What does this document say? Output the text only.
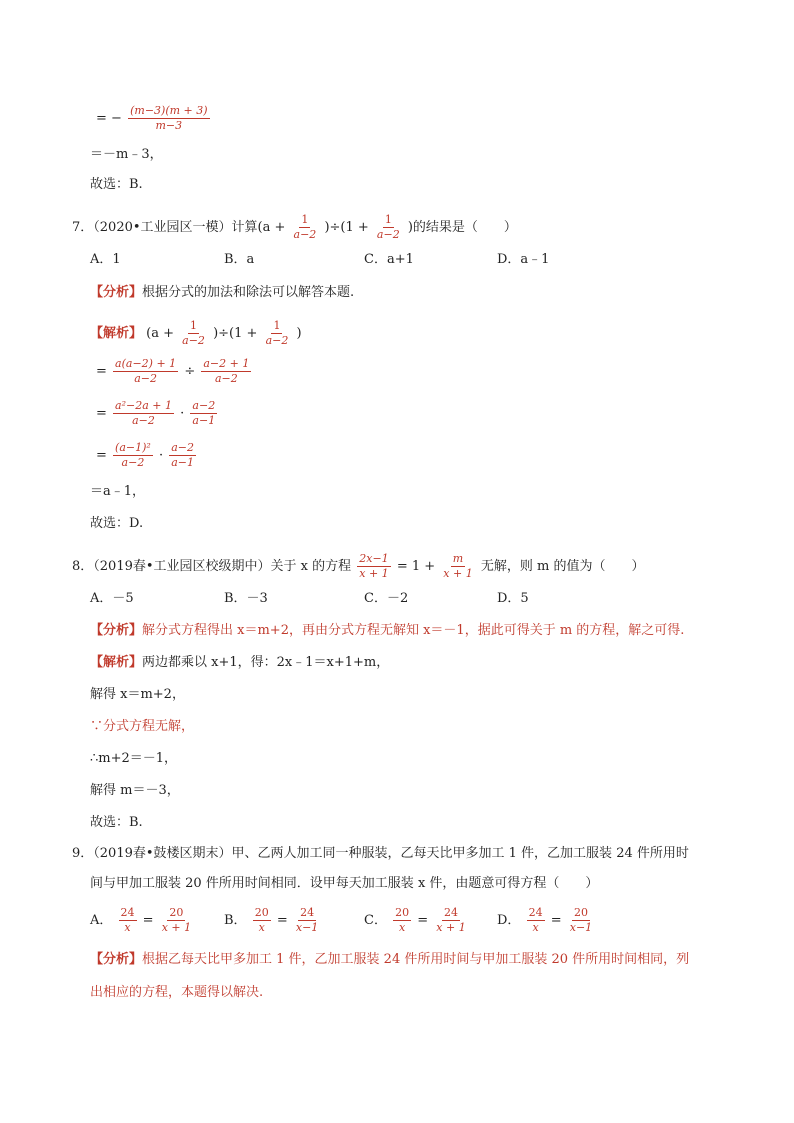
= − $\frac{(m-3)(m + 3)}{m-3}$
＝－m﹣3，
故选：B.
7．（2020•工业园区一模）计算$(a + \frac{1}{a-2} )\div(1 + \frac{1}{a-2}$ )的结果是（　　）
A．1	B．a	C．a+1	D．a﹣1
【分析】根据分式的加法和除法可以解答本题.
【解析】 $(a + \frac{1}{a-2} )\div(1 + \frac{1}{a-2}$ )
= $\frac{a(a-2) + 1}{a-2} \div \frac{a-2 + 1}{a-2}$
= $\frac{\text{a²−2a + 1}}{a-2} \cdot \frac{a-2}{a-1}$
= $\frac{\text{(a−1)²}}{a-2} \cdot \frac{a-2}{a-1}$
＝a﹣1，
故选：D.
8．（2019春•工业园区校级期中）关于 x 的方程 $\frac{2x-1}{x + 1} = 1 + \frac{m}{x + 1}$ 无解，则 m 的值为（　　）
A．－5	B．－3	C．－2	D．5
【分析】解分式方程得出 x＝m+2，再由分式方程无解知 x＝－1，据此可得关于 m 的方程，解之可得.
【解析】两边都乘以 x+1，得：2x﹣1＝x+1+m，
解得 x＝m+2，
∵分式方程无解，
∴m+2＝－1，
解得 m＝－3，
故选：B.
9．（2019春•鼓楼区期末）甲、乙两人加工同一种服装，乙每天比甲多加工 1 件，乙加工服装 24 件所用时
间与甲加工服装 20 件所用时间相同．设甲每天加工服装 x 件，由题意可得方程（　　）
A． $\frac{24}{x} = \frac{20}{x + 1}$ B． $\frac{20}{x} = \frac{24}{x-1}$	C． $\frac{20}{x} = \frac{24}{x + 1}$ D． $\frac{24}{x} = \frac{20}{x-1}$
【分析】根据乙每天比甲多加工 1 件，乙加工服装 24 件所用时间与甲加工服装 20 件所用时间相同，列
出相应的方程，本题得以解决.
